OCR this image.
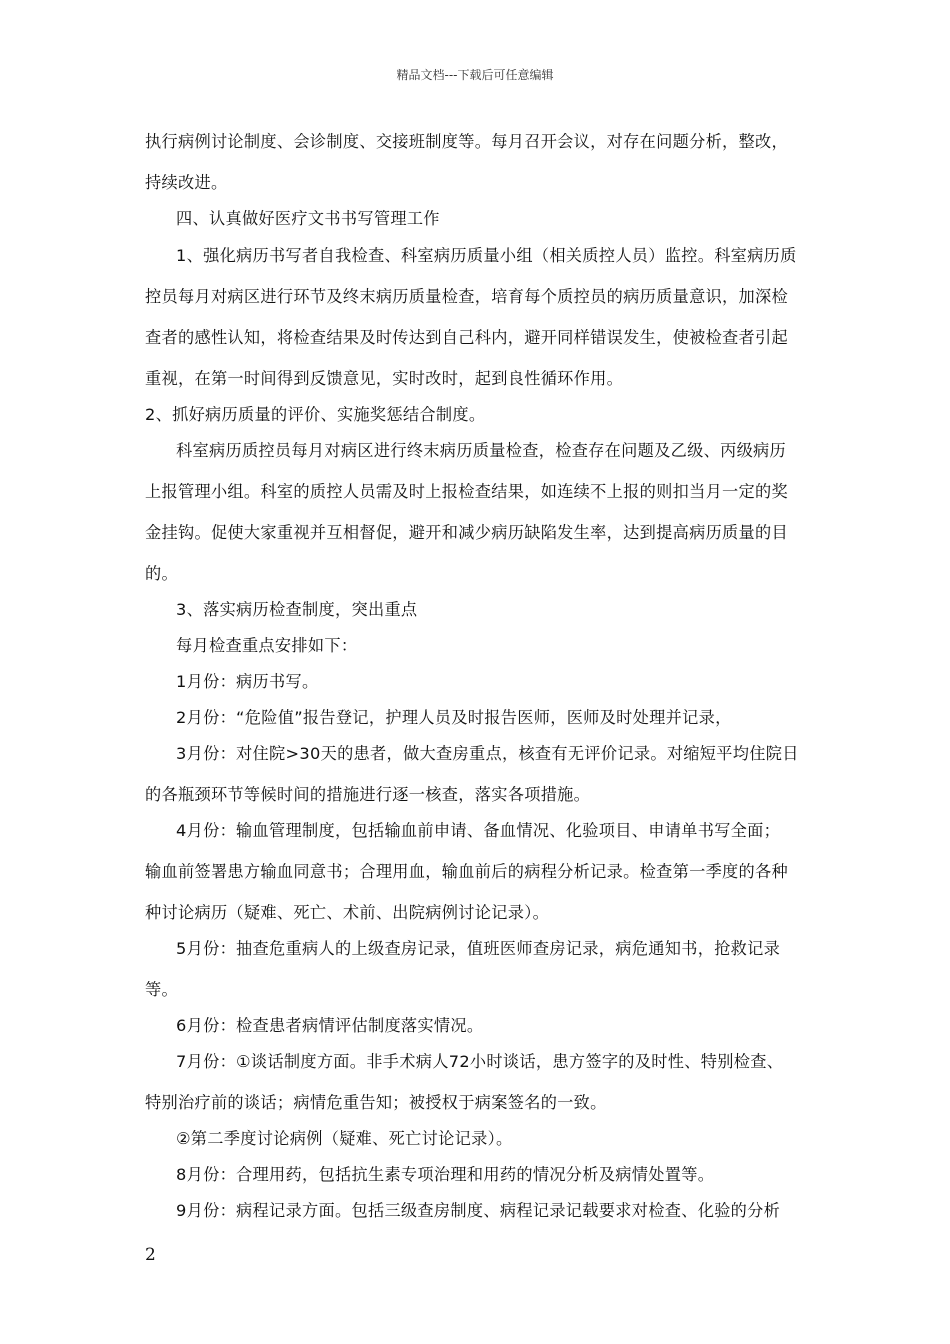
精品文档---下载后可任意编辑
执行病例讨论制度、会诊制度、交接班制度等。每月召开会议，对存在问题分析，整改，
持续改进。
四、认真做好医疗文书书写管理工作
1、强化病历书写者自我检查、科室病历质量小组（相关质控人员）监控。科室病历质
控员每月对病区进行环节及终末病历质量检查，培育每个质控员的病历质量意识，加深检
查者的感性认知，将检查结果及时传达到自己科内，避开同样错误发生，使被检查者引起
重视，在第一时间得到反馈意见，实时改时，起到良性循环作用。
2、抓好病历质量的评价、实施奖惩结合制度。
科室病历质控员每月对病区进行终末病历质量检查，检查存在问题及乙级、丙级病历
上报管理小组。科室的质控人员需及时上报检查结果，如连续不上报的则扣当月一定的奖
金挂钩。促使大家重视并互相督促，避开和减少病历缺陷发生率，达到提高病历质量的目
的。
3、落实病历检查制度，突出重点
每月检查重点安排如下：
1月份：病历书写。
2月份：“危险值”报告登记，护理人员及时报告医师，医师及时处理并记录，
3月份：对住院>30天的患者，做大查房重点，核查有无评价记录。对缩短平均住院日
的各瓶颈环节等候时间的措施进行逐一核查，落实各项措施。
4月份：输血管理制度，包括输血前申请、备血情况、化验项目、申请单书写全面；
输血前签署患方输血同意书；合理用血，输血前后的病程分析记录。检查第一季度的各种
种讨论病历（疑难、死亡、术前、出院病例讨论记录）。
5月份：抽查危重病人的上级查房记录，值班医师查房记录，病危通知书，抢救记录
等。
6月份：检查患者病情评估制度落实情况。
7月份：①谈话制度方面。非手术病人72小时谈话，患方签字的及时性、特别检查、
特别治疗前的谈话；病情危重告知；被授权于病案签名的一致。
②第二季度讨论病例（疑难、死亡讨论记录）。
8月份：合理用药，包括抗生素专项治理和用药的情况分析及病情处置等。
9月份：病程记录方面。包括三级查房制度、病程记录记载要求对检查、化验的分析
2
